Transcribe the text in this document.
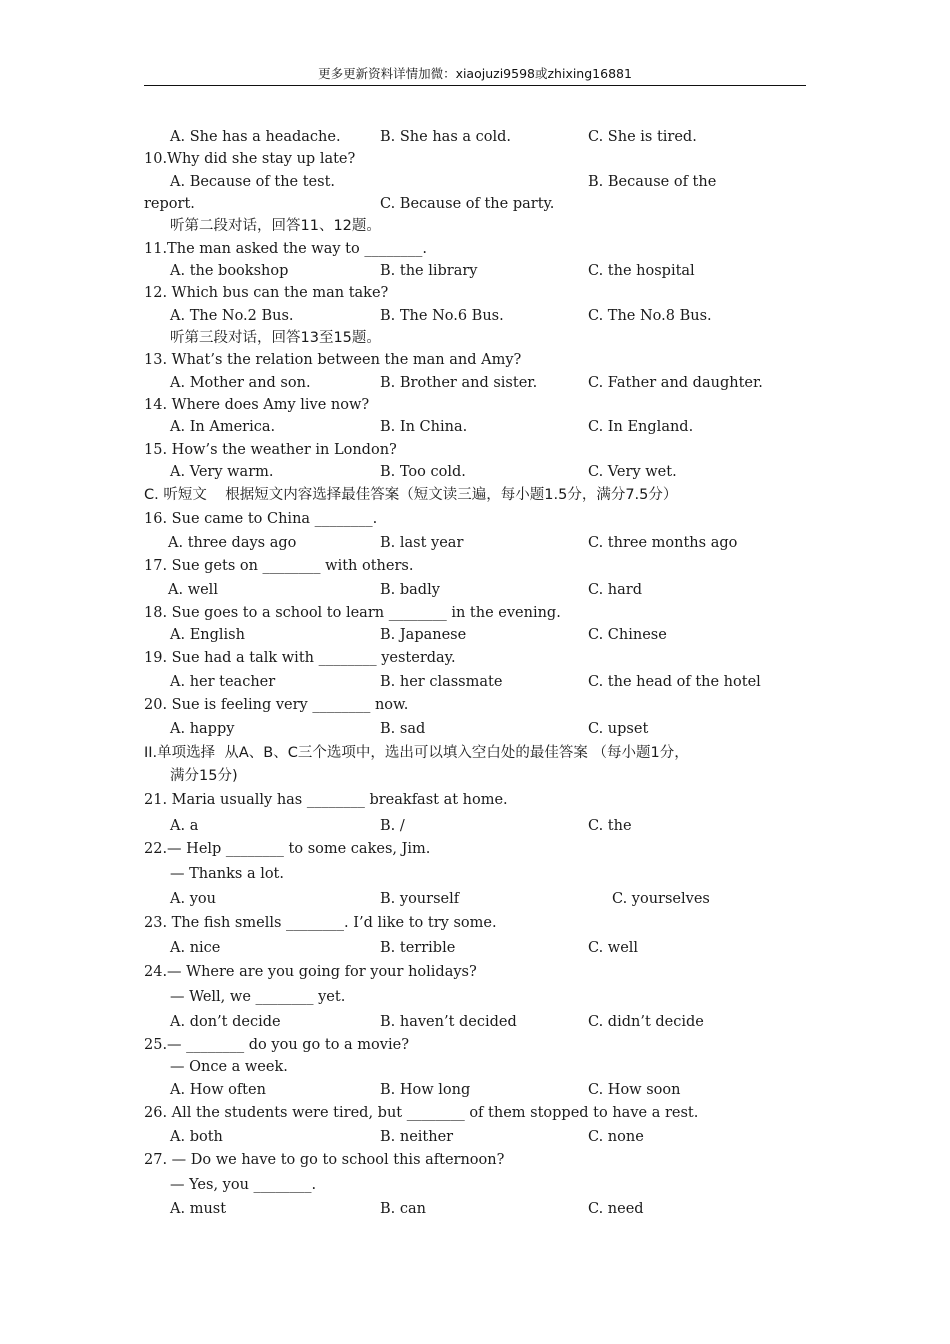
更多更新资料详情加微：xiaojuzi9598或zhixing16881
A. She has a headache.	B. She has a cold.	C. She is tired.
10.Why did she stay up late?
A. Because of the test.	B. Because of the
report.	C. Because of the party.
听第二段对话，回答11、12题。
11.The man asked the way to ________.
A. the bookshop	B. the library	C. the hospital
12. Which bus can the man take?
A. The No.2 Bus.	B. The No.6 Bus.	C. The No.8 Bus.
听第三段对话，回答13至15题。
13. What’s the relation between the man and Amy?
A. Mother and son.	B. Brother and sister.	C. Father and daughter.
14. Where does Amy live now?
A. In America.	B. In China.	C. In England.
15. How’s the weather in London?
A. Very warm.	B. Too cold.	C. Very wet.
C. 听短文    根据短文内容选择最佳答案（短文读三遍，每小题1.5分，满分7.5分）
16. Sue came to China ________.
A. three days ago	B. last year	C. three months ago
17. Sue gets on ________ with others.
A. well	B. badly	C. hard
18. Sue goes to a school to learn ________ in the evening.
A. English	B. Japanese	C. Chinese
19. Sue had a talk with ________ yesterday.
A. her teacher	B. her classmate	C. the head of the hotel
20. Sue is feeling very ________ now.
A. happy	B. sad	C. upset
II.单项选择  从A、B、C三个选项中，选出可以填入空白处的最佳答案 （每小题1分，
满分15分)
21. Maria usually has ________ breakfast at home.
A. a	B. /	C. the
22.— Help ________ to some cakes, Jim.
— Thanks a lot.
A. you	B. yourself	C. yourselves
23. The fish smells ________. I’d like to try some.
A. nice	B. terrible	C. well
24.— Where are you going for your holidays?
— Well, we ________ yet.
A. don’t decide	B. haven’t decided	C. didn’t decide
25.— ________ do you go to a movie?
— Once a week.
A. How often	B. How long	C. How soon
26. All the students were tired, but ________ of them stopped to have a rest.
A. both	B. neither	C. none
27. — Do we have to go to school this afternoon?
— Yes, you ________.
A. must	B. can	C. need
